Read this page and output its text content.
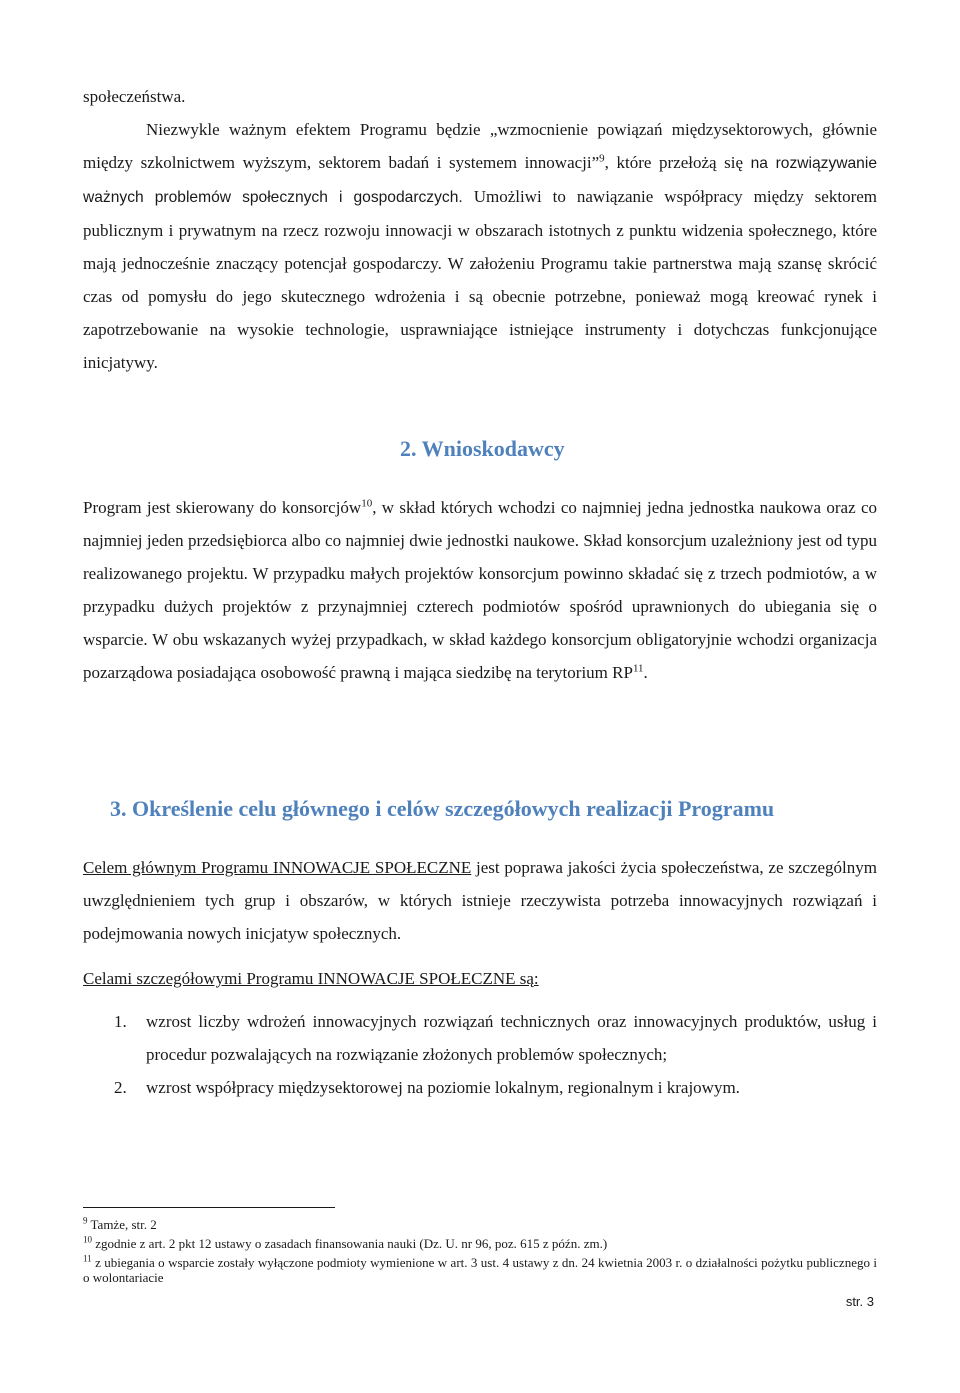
społeczeństwa.

Niezwykle ważnym efektem Programu będzie „wzmocnienie powiązań międzysektorowych, głównie między szkolnictwem wyższym, sektorem badań i systemem innowacji”$^9$, które przełożą się na rozwiązywanie ważnych problemów społecznych i gospodarczych. Umożliwi to nawiązanie współpracy między sektorem publicznym i prywatnym na rzecz rozwoju innowacji w obszarach istotnych z punktu widzenia społecznego, które mają jednocześnie znaczący potencjał gospodarczy. W założeniu Programu takie partnerstwa mają szansę skrócić czas od pomysłu do jego skutecznego wdrożenia i są obecnie potrzebne, ponieważ mogą kreować rynek i zapotrzebowanie na wysokie technologie, usprawniające istniejące instrumenty i dotychczas funkcjonujące inicjatywy.

2. Wnioskodawcy

Program jest skierowany do konsorcjów$^{10}$, w skład których wchodzi co najmniej jedna jednostka naukowa oraz co najmniej jeden przedsiębiorca albo co najmniej dwie jednostki naukowe. Skład konsorcjum uzależniony jest od typu realizowanego projektu. W przypadku małych projektów konsorcjum powinno składać się z trzech podmiotów, a w przypadku dużych projektów z przynajmniej czterech podmiotów spośród uprawnionych do ubiegania się o wsparcie. W obu wskazanych wyżej przypadkach, w skład każdego konsorcjum obligatoryjnie wchodzi organizacja pozarządowa posiadająca osobowość prawną i mająca siedzibę na terytorium RP$^{11}$.

3. Określenie celu głównego i celów szczegółowych realizacji Programu

Celem głównym Programu INNOWACJE SPOŁECZNE jest poprawa jakości życia społeczeństwa, ze szczególnym uwzględnieniem tych grup i obszarów, w których istnieje rzeczywista potrzeba innowacyjnych rozwiązań i podejmowania nowych inicjatyw społecznych.

Celami szczegółowymi Programu INNOWACJE SPOŁECZNE są:

1. wzrost liczby wdrożeń innowacyjnych rozwiązań technicznych oraz innowacyjnych produktów, usług i procedur pozwalających na rozwiązanie złożonych problemów społecznych;
2. wzrost współpracy międzysektorowej na poziomie lokalnym, regionalnym i krajowym.
$^9$ Tamże, str. 2
$^{10}$ zgodnie z art. 2 pkt 12 ustawy o zasadach finansowania nauki (Dz. U. nr 96, poz. 615 z późn. zm.)
$^{11}$ z ubiegania o wsparcie zostały wyłączone podmioty wymienione w art. 3 ust. 4 ustawy z dn. 24 kwietnia 2003 r. o działalności pożytku publicznego i o wolontariacie
str. 3
